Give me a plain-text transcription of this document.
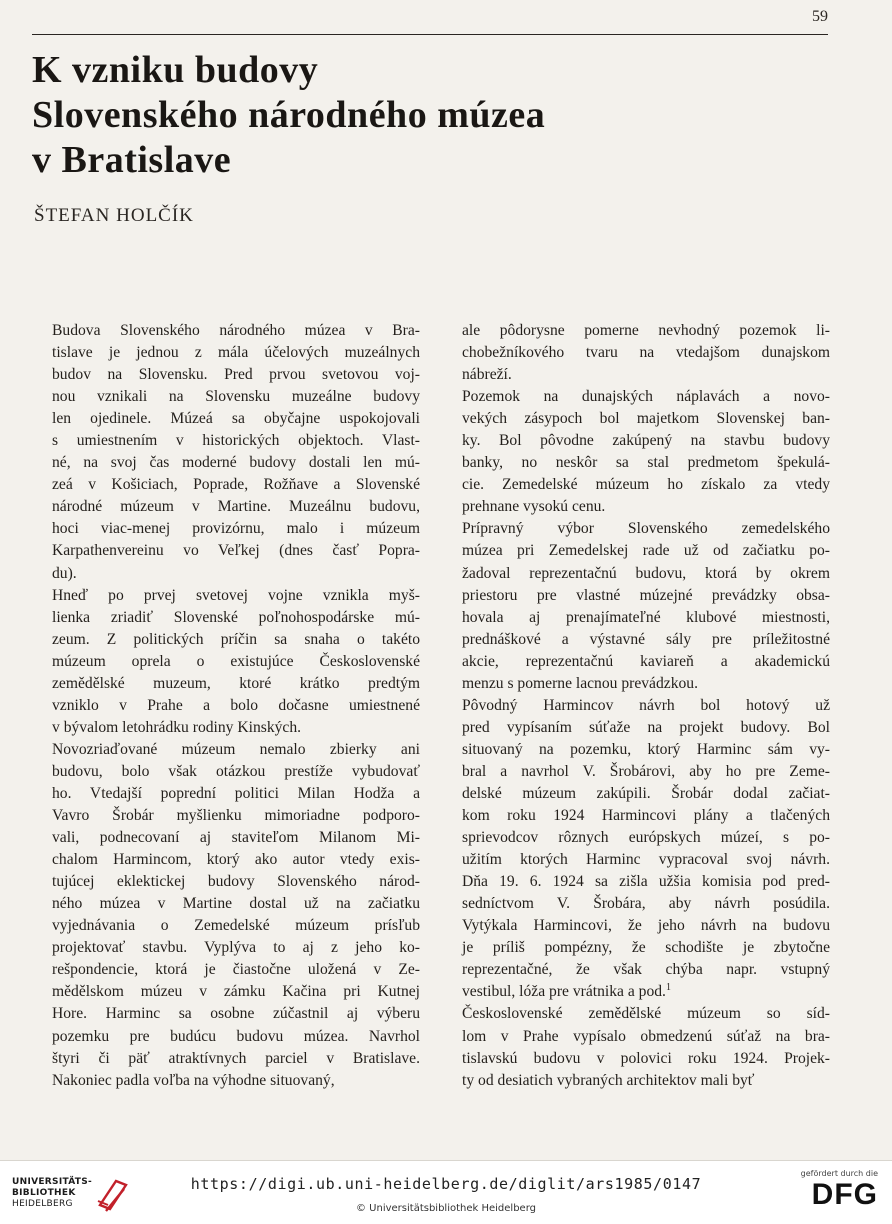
59
K vzniku budovy
Slovenského národného múzea
v Bratislave
ŠTEFAN HOLČÍK

Budova Slovenského národného múzea v Bra-
tislave je jednou z mála účelových muzeálnych
budov na Slovensku. Pred prvou svetovou voj-
nou vznikali na Slovensku muzeálne budovy
len ojedinele. Múzeá sa obyčajne uspokojovali
s umiestnením v historických objektoch. Vlast-
né, na svoj čas moderné budovy dostali len mú-
zeá v Košiciach, Poprade, Rožňave a Slovenské
národné múzeum v Martine. Muzeálnu budovu,
hoci viac-menej provizórnu, malo i múzeum
Karpathenvereinu vo Veľkej (dnes časť Popra-
du).

Hneď po prvej svetovej vojne vznikla myš-
lienka zriadiť Slovenské poľnohospodárske mú-
zeum. Z politických príčin sa snaha o takéto
múzeum oprela o existujúce Československé
zemědělské muzeum, ktoré krátko predtým
vzniklo v Prahe a bolo dočasne umiestnené
v bývalom letohrádku rodiny Kinských.

Novozriaďované múzeum nemalo zbierky ani
budovu, bolo však otázkou prestíže vybudovať
ho. Vtedajší poprední politici Milan Hodža a
Vavro Šrobár myšlienku mimoriadne podporo-
vali, podnecovaní aj staviteľom Milanom Mi-
chalom Harmincom, ktorý ako autor vtedy exis-
tujúcej eklektickej budovy Slovenského národ-
ného múzea v Martine dostal už na začiatku
vyjednávania o Zemedelské múzeum prísľub
projektovať stavbu. Vyplýva to aj z jeho ko-
rešpondencie, ktorá je čiastočne uložená v Ze-
mědělskom múzeu v zámku Kačina pri Kutnej
Hore. Harminc sa osobne zúčastnil aj výberu
pozemku pre budúcu budovu múzea. Navrhol
štyri či päť atraktívnych parciel v Bratislave.
Nakoniec padla voľba na výhodne situovaný,

ale pôdorysne pomerne nevhodný pozemok li-
chobežníkového tvaru na vtedajšom dunajskom
nábreží.

Pozemok na dunajských náplavách a novo-
vekých zásypoch bol majetkom Slovenskej ban-
ky. Bol pôvodne zakúpený na stavbu budovy
banky, no neskôr sa stal predmetom špekulá-
cie. Zemedelské múzeum ho získalo za vtedy
prehnane vysokú cenu.

Prípravný výbor Slovenského zemedelského
múzea pri Zemedelskej rade už od začiatku po-
žadoval reprezentačnú budovu, ktorá by okrem
priestoru pre vlastné múzejné prevádzky obsa-
hovala aj prenajímateľné klubové miestnosti,
prednáškové a výstavné sály pre príležitostné
akcie, reprezentačnú kaviareň a akademickú
menzu s pomerne lacnou prevádzkou.

Pôvodný Harmincov návrh bol hotový už
pred vypísaním súťaže na projekt budovy. Bol
situovaný na pozemku, ktorý Harminc sám vy-
bral a navrhol V. Šrobárovi, aby ho pre Zeme-
delské múzeum zakúpili. Šrobár dodal začiat-
kom roku 1924 Harmincovi plány a tlačených
sprievodcov rôznych európskych múzeí, s po-
užitím ktorých Harminc vypracoval svoj návrh.
Dňa 19. 6. 1924 sa zišla užšia komisia pod pred-
sedníctvom V. Šrobára, aby návrh posúdila.
Vytýkala Harmincovi, že jeho návrh na budovu
je príliš pompézny, že schodište je zbytočne
reprezentačné, že však chýba napr. vstupný
vestibul, lóža pre vrátnika a pod.$^1$

Československé zemědělské múzeum so síd-
lom v Prahe vypísalo obmedzenú súťaž na bra-
tislavskú budovu v polovici roku 1924. Projek-
ty od desiatich vybraných architektov mali byť

UNIVERSITÄTS-
BIBLIOTHEK
HEIDELBERG
https://digi.ub.uni-heidelberg.de/diglit/ars1985/0147
© Universitätsbibliothek Heidelberg
gefördert durch die
DFG
